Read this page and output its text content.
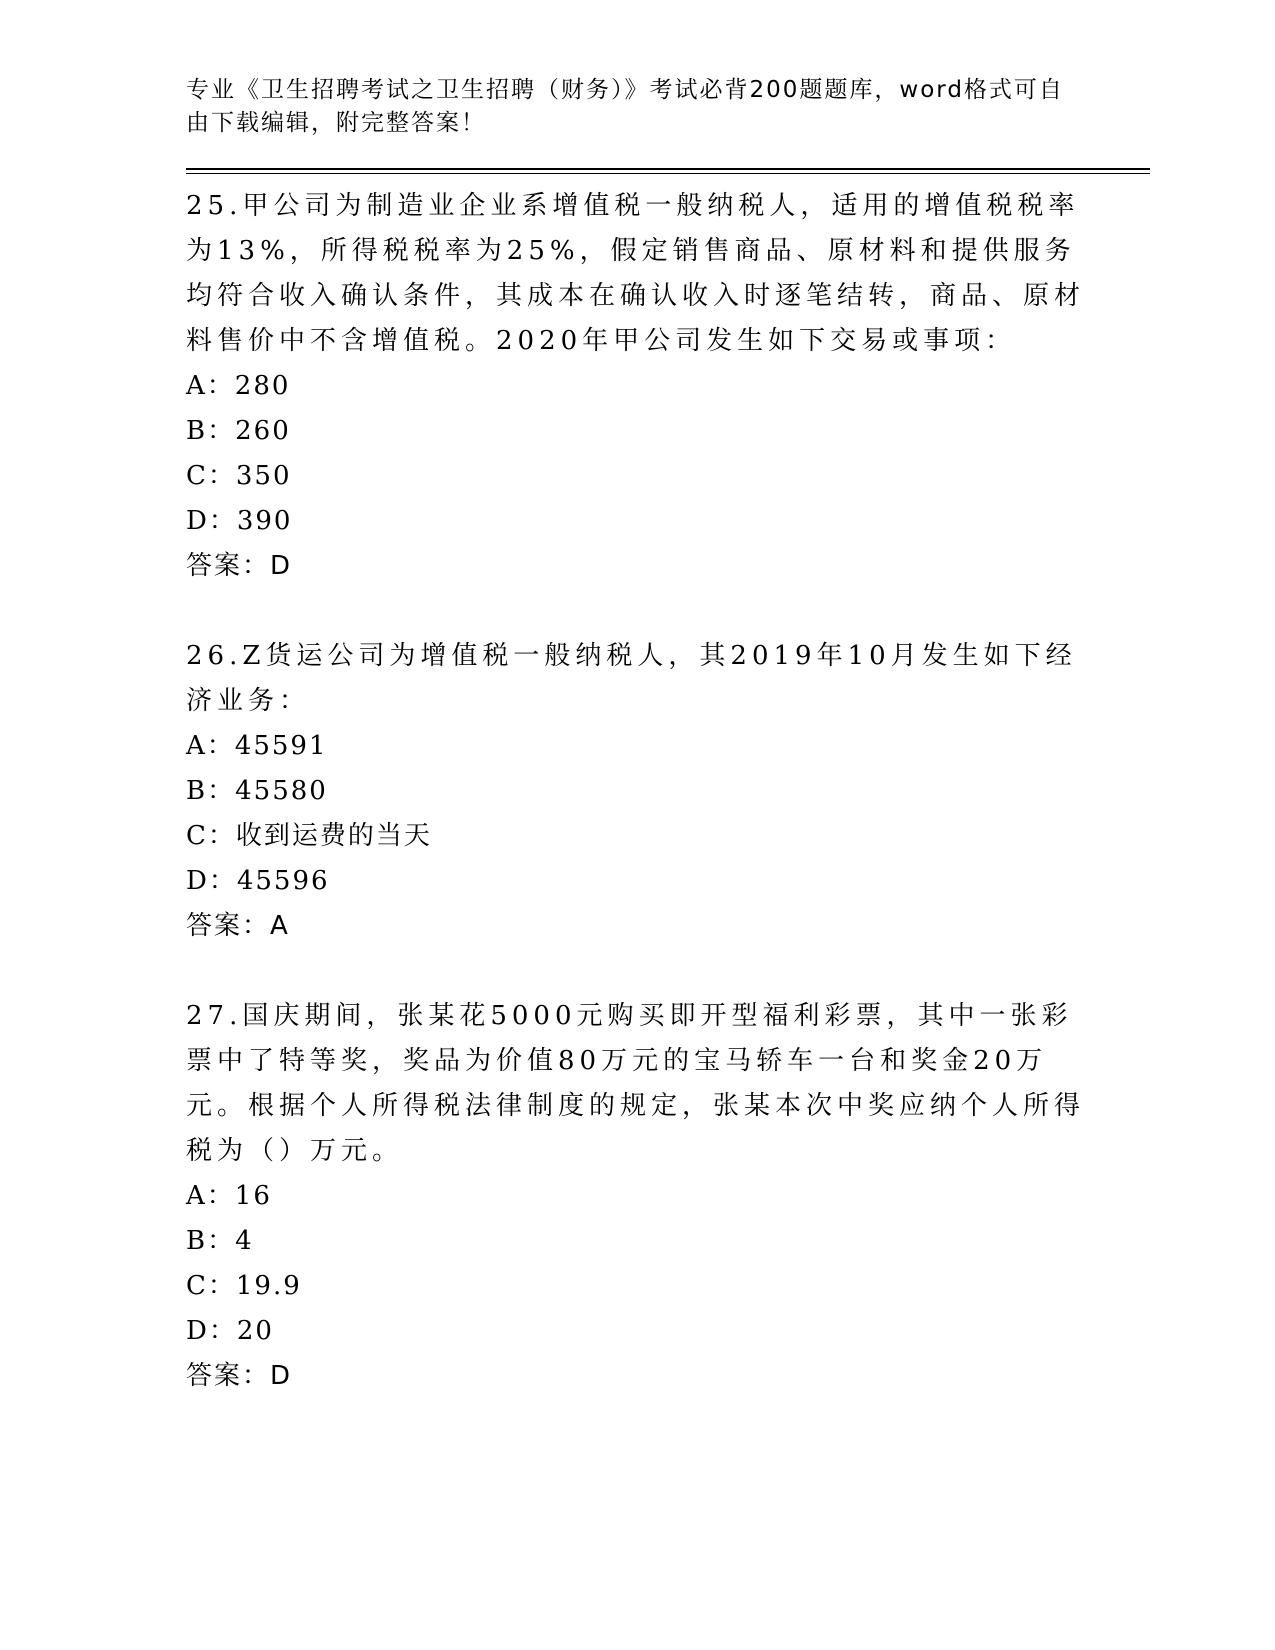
专业《卫生招聘考试之卫生招聘（财务）》考试必背200题题库，word格式可自由下载编辑，附完整答案！
25.甲公司为制造业企业系增值税一般纳税人，适用的增值税税率为13%，所得税税率为25%，假定销售商品、原材料和提供服务均符合收入确认条件，其成本在确认收入时逐笔结转，商品、原材料售价中不含增值税。2020年甲公司发生如下交易或事项：
A：280
B：260
C：350
D：390
答案：D
26.Z货运公司为增值税一般纳税人，其2019年10月发生如下经济业务：
A：45591
B：45580
C：收到运费的当天
D：45596
答案：A
27.国庆期间，张某花5000元购买即开型福利彩票，其中一张彩票中了特等奖，奖品为价值80万元的宝马轿车一台和奖金20万元。根据个人所得税法律制度的规定，张某本次中奖应纳个人所得税为（）万元。
A：16
B：4
C：19.9
D：20
答案：D
